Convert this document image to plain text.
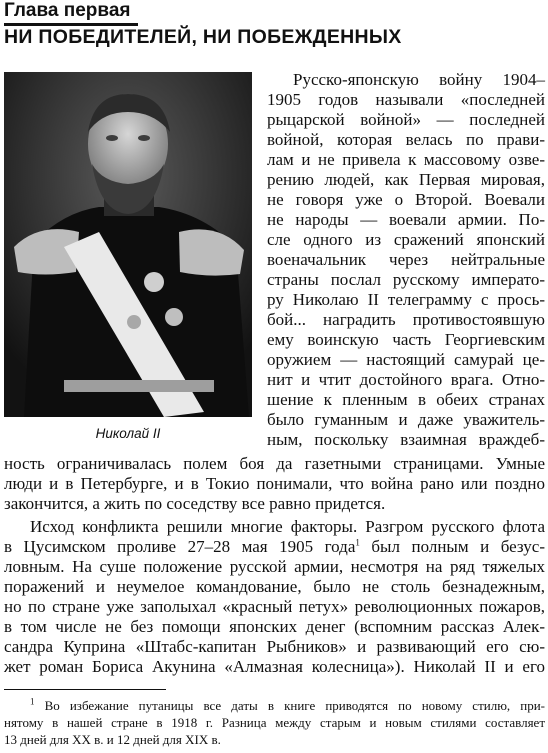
Глава первая
НИ ПОБЕДИТЕЛЕЙ, НИ ПОБЕЖДЕННЫХ
Николай II
Русско-японскую войну 1904–
1905 годов называли «последней
рыцарской войной» — последней
войной, которая велась по прави-
лам и не привела к массовому озве-
рению людей, как Первая мировая,
не говоря уже о Второй. Воевали
не народы — воевали армии. По-
сле одного из сражений японский
военачальник через нейтральные
страны послал русскому императо-
ру Николаю II телеграмму с прось-
бой... наградить противостоявшую
ему воинскую часть Георгиевским
оружием — настоящий самурай це-
нит и чтит достойного врага. Отно-
шение к пленным в обеих странах
было гуманным и даже уважитель-
ным, поскольку взаимная враждеб-
ность ограничивалась полем боя да газетными страницами. Умные
люди и в Петербурге, и в Токио понимали, что война рано или поздно
закончится, а жить по соседству все равно придется.
Исход конфликта решили многие факторы. Разгром русского флота
в Цусимском проливе 27–28 мая 1905 года$^1$ был полным и безус-
ловным. На суше положение русской армии, несмотря на ряд тяжелых
поражений и неумелое командование, было не столь безнадежным,
но по стране уже заполыхал «красный петух» революционных пожаров,
в том числе не без помощи японских денег (вспомним рассказ Алек-
сандра Куприна «Штабс-капитан Рыбников» и развивающий его сю-
жет роман Бориса Акунина «Алмазная колесница»). Николай II и его
$^1$ Во избежание путаницы все даты в книге приводятся по новому стилю, при-
нятому в нашей стране в 1918 г. Разница между старым и новым стилями составляет
13 дней для XX в. и 12 дней для XIX в.
